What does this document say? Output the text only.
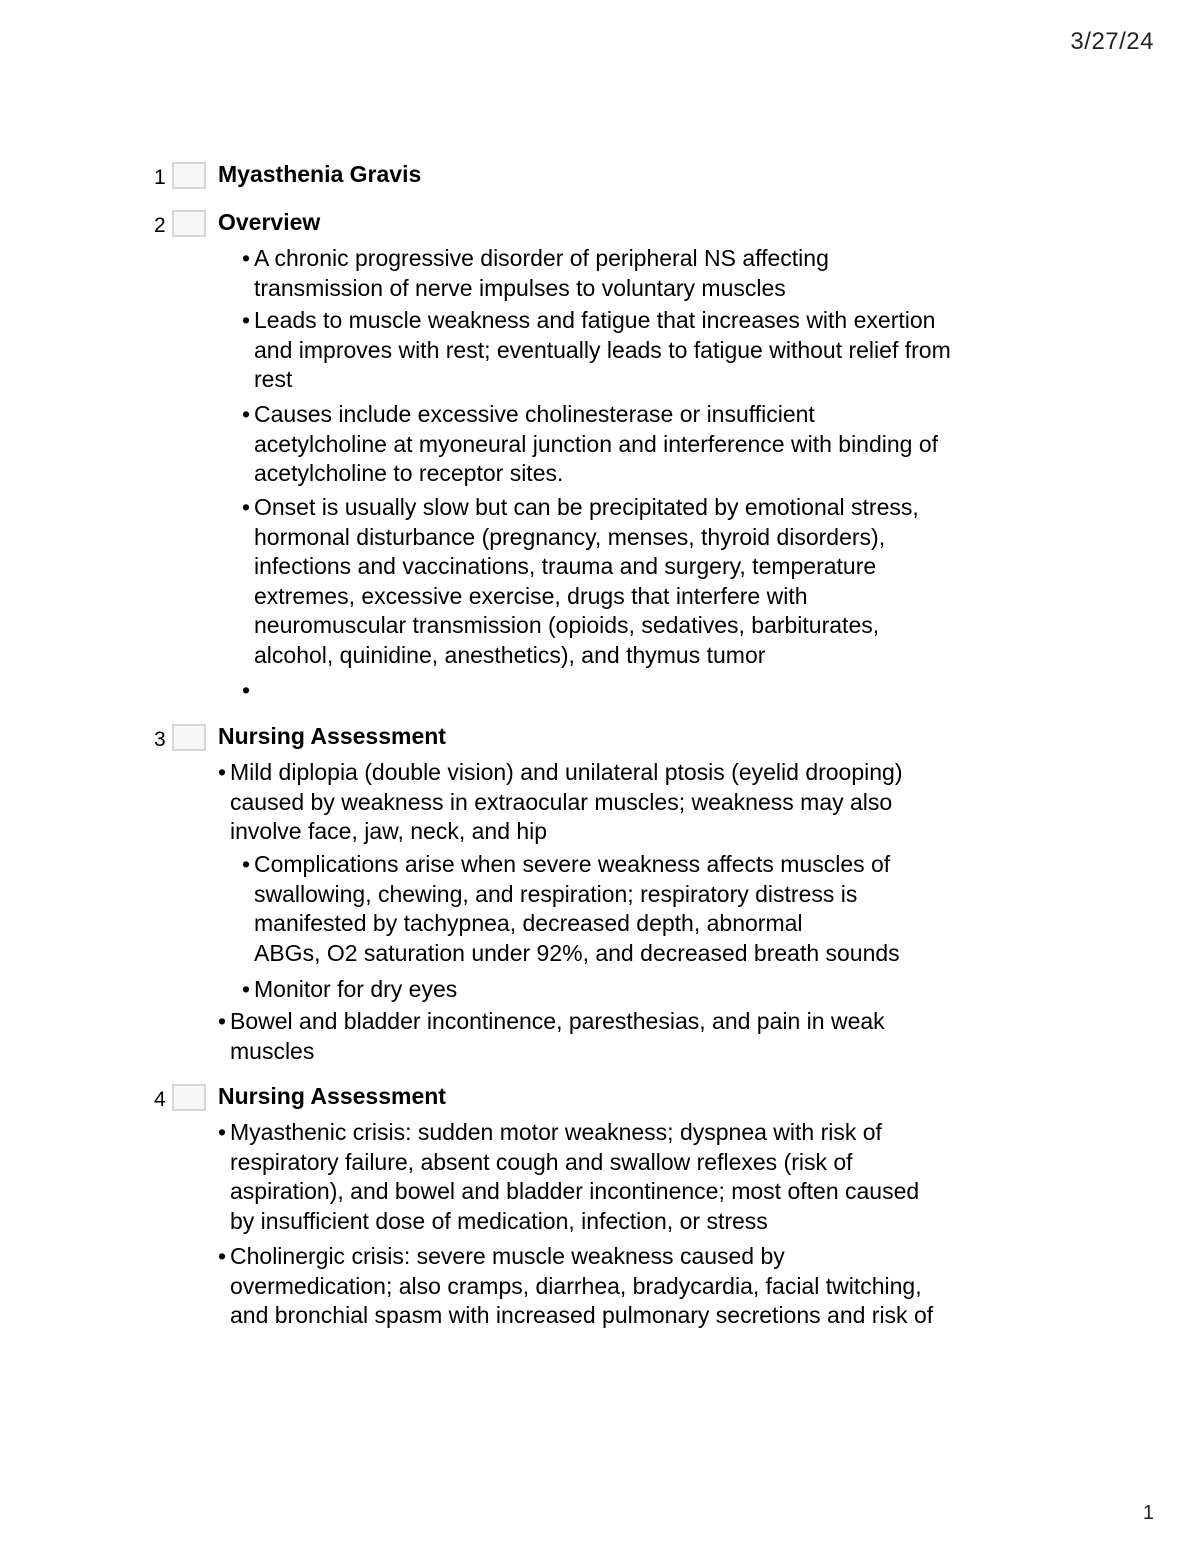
3/27/24
1 Myasthenia Gravis
2 Overview
• A chronic progressive disorder of peripheral NS affecting
transmission of nerve impulses to voluntary muscles
• Leads to muscle weakness and fatigue that increases with exertion
and improves with rest; eventually leads to fatigue without relief from
rest
• Causes include excessive cholinesterase or insufficient
acetylcholine at myoneural junction and interference with binding of
acetylcholine to receptor sites.
• Onset is usually slow but can be precipitated by emotional stress,
hormonal disturbance (pregnancy, menses, thyroid disorders),
infections and vaccinations, trauma and surgery, temperature
extremes, excessive exercise, drugs that interfere with
neuromuscular transmission (opioids, sedatives, barbiturates,
alcohol, quinidine, anesthetics), and thymus tumor
•
3 Nursing Assessment
• Mild diplopia (double vision) and unilateral ptosis (eyelid drooping)
caused by weakness in extraocular muscles; weakness may also
involve face, jaw, neck, and hip
• Complications arise when severe weakness affects muscles of
swallowing, chewing, and respiration; respiratory distress is
manifested by tachypnea, decreased depth, abnormal
ABGs, O2 saturation under 92%, and decreased breath sounds
• Monitor for dry eyes
• Bowel and bladder incontinence, paresthesias, and pain in weak
muscles
4 Nursing Assessment
• Myasthenic crisis: sudden motor weakness; dyspnea with risk of
respiratory failure, absent cough and swallow reflexes (risk of
aspiration), and bowel and bladder incontinence; most often caused
by insufficient dose of medication, infection, or stress
• Cholinergic crisis: severe muscle weakness caused by
overmedication; also cramps, diarrhea, bradycardia, facial twitching,
and bronchial spasm with increased pulmonary secretions and risk of
1
